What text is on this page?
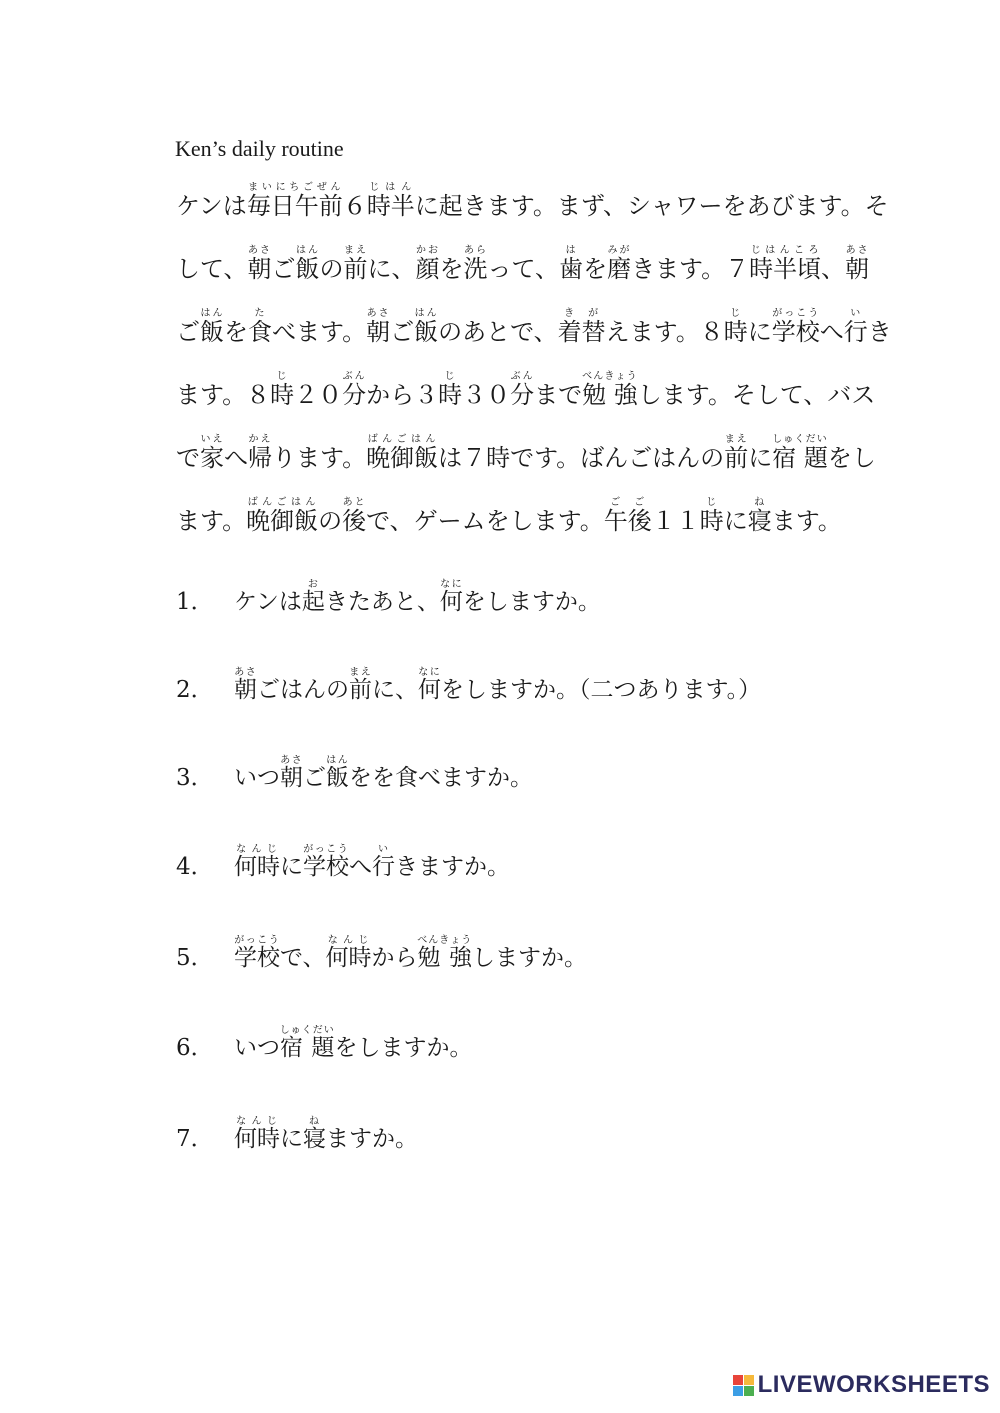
Ken’s daily routine
ケンは毎日午前まいにちごぜん６時半じはんに起きます。まず、シャワーをあびます。そ
して、朝あさご飯はんの前まえに、顔かおを洗あらって、歯はを磨みがきます。７時半頃じはんころ、朝あさ
ご飯はんを食たべます。朝あさご飯はんのあとで、着替きがえます。８時じに学校がっこうへ行いき
ます。８時じ２０分ぶんから３時じ３０分ぶんまで勉 強べんきょうします。そして、バス
で家いえへ帰かえります。晩御飯ばんごはんは７時です。ばんごはんの前まえに宿 題しゅくだいをし
ます。晩御飯ばんごはんの後あとで、ゲームをします。午後ごご１１時じに寝ねます。
1． ケンは起おきたあと、何なにをしますか。
2． 朝あさごはんの前まえに、何なにをしますか。（二つあります。）
3． いつ朝あさご飯はんをを食べますか。
4． 何時なんじに学校がっこうへ行いきますか。
5． 学校がっこうで、何時なんじから勉 強べんきょうしますか。
6． いつ宿 題しゅくだいをしますか。
7． 何時なんじに寝ねますか。
LIVEWORKSHEETS
